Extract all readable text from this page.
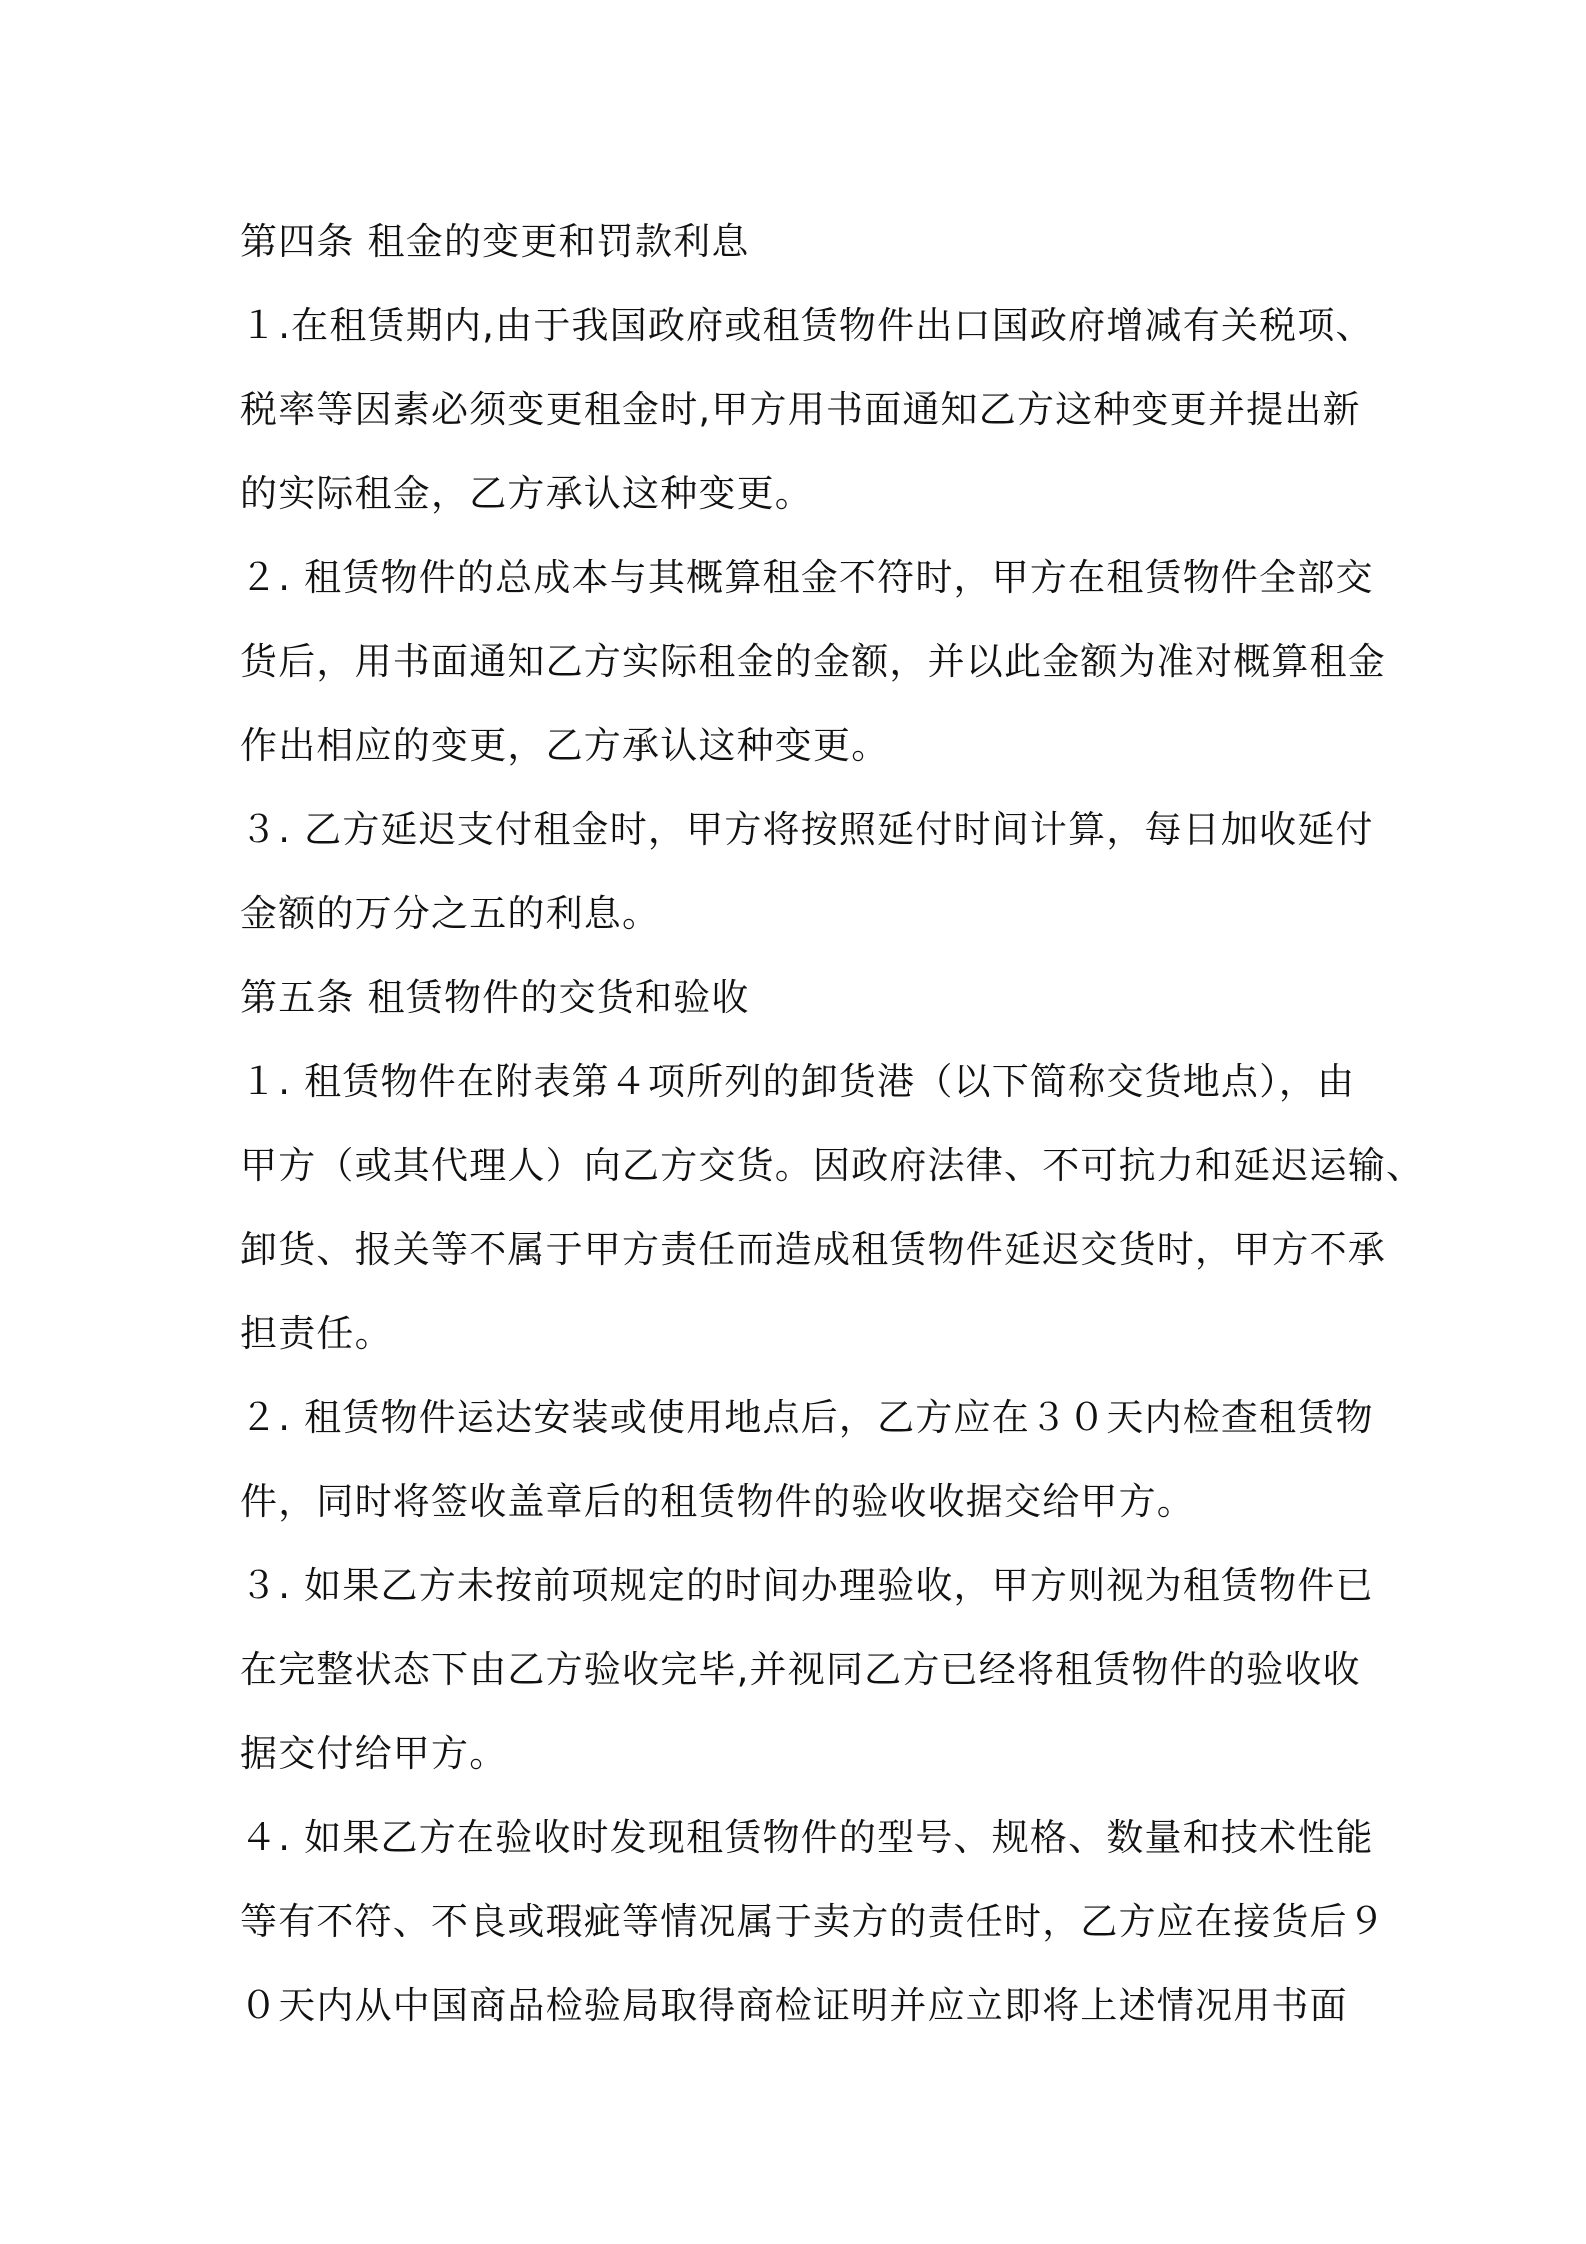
第四条 租金的变更和罚款利息
１.在租赁期内,由于我国政府或租赁物件出口国政府增减有关税项、
税率等因素必须变更租金时,甲方用书面通知乙方这种变更并提出新
的实际租金，乙方承认这种变更。
２. 租赁物件的总成本与其概算租金不符时，甲方在租赁物件全部交
货后，用书面通知乙方实际租金的金额，并以此金额为准对概算租金
作出相应的变更，乙方承认这种变更。
３. 乙方延迟支付租金时，甲方将按照延付时间计算，每日加收延付
金额的万分之五的利息。
第五条 租赁物件的交货和验收
１. 租赁物件在附表第４项所列的卸货港（以下简称交货地点），由
甲方（或其代理人）向乙方交货。因政府法律、不可抗力和延迟运输、
卸货、报关等不属于甲方责任而造成租赁物件延迟交货时，甲方不承
担责任。
２. 租赁物件运达安装或使用地点后，乙方应在３０天内检查租赁物
件，同时将签收盖章后的租赁物件的验收收据交给甲方。
３. 如果乙方未按前项规定的时间办理验收，甲方则视为租赁物件已
在完整状态下由乙方验收完毕,并视同乙方已经将租赁物件的验收收
据交付给甲方。
４. 如果乙方在验收时发现租赁物件的型号、规格、数量和技术性能
等有不符、不良或瑕疵等情况属于卖方的责任时，乙方应在接货后９
０天内从中国商品检验局取得商检证明并应立即将上述情况用书面
